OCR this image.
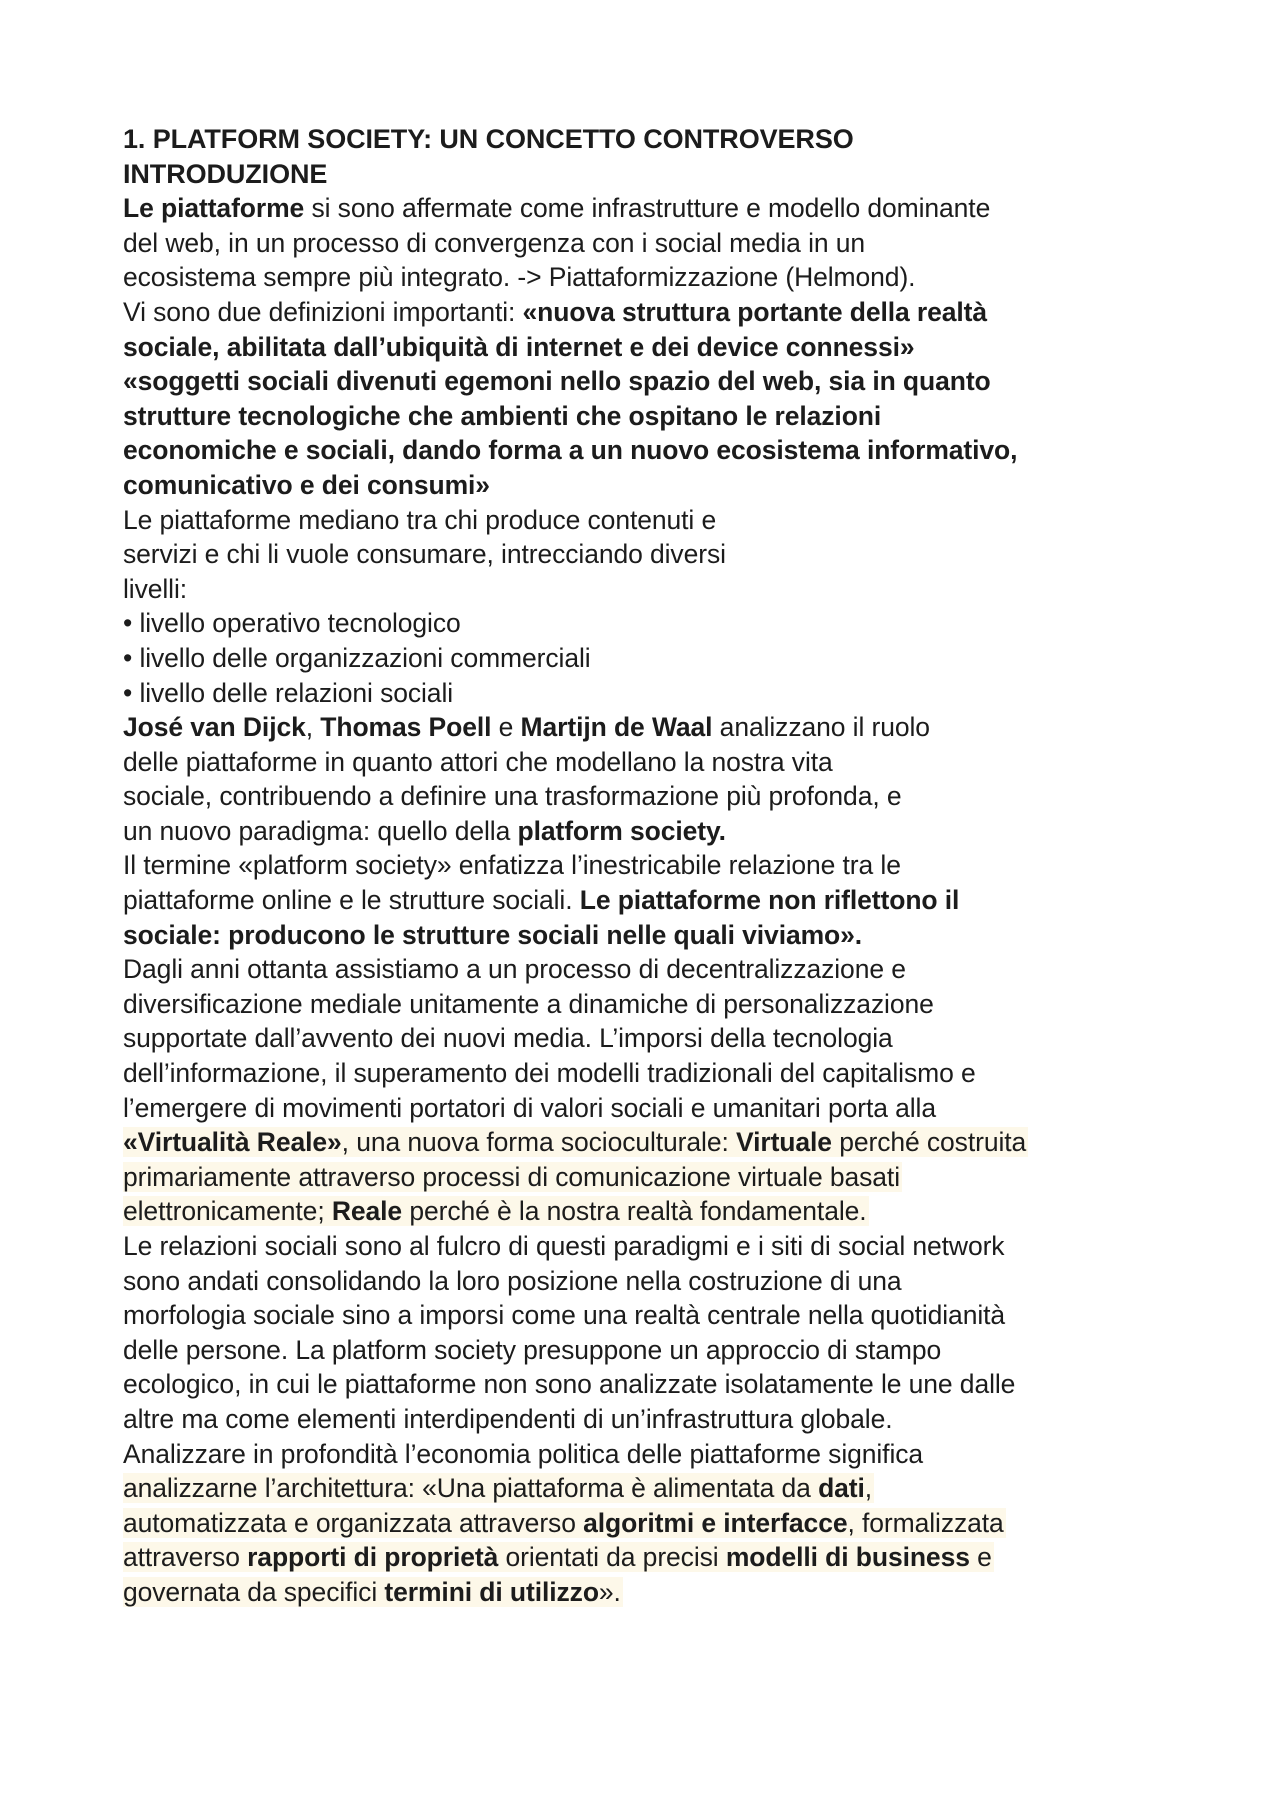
1. PLATFORM SOCIETY: UN CONCETTO CONTROVERSO
INTRODUZIONE
Le piattaforme si sono affermate come infrastrutture e modello dominante
del web, in un processo di convergenza con i social media in un
ecosistema sempre più integrato. -> Piattaformizzazione (Helmond).
Vi sono due definizioni importanti: «nuova struttura portante della realtà
sociale, abilitata dall’ubiquità di internet e dei device connessi»
«soggetti sociali divenuti egemoni nello spazio del web, sia in quanto
strutture tecnologiche che ambienti che ospitano le relazioni
economiche e sociali, dando forma a un nuovo ecosistema informativo,
comunicativo e dei consumi»
Le piattaforme mediano tra chi produce contenuti e
servizi e chi li vuole consumare, intrecciando diversi
livelli:
• livello operativo tecnologico
• livello delle organizzazioni commerciali
• livello delle relazioni sociali
José van Dijck, Thomas Poell e Martijn de Waal analizzano il ruolo
delle piattaforme in quanto attori che modellano la nostra vita
sociale, contribuendo a definire una trasformazione più profonda, e
un nuovo paradigma: quello della platform society.
Il termine «platform society» enfatizza l’inestricabile relazione tra le
piattaforme online e le strutture sociali. Le piattaforme non riflettono il
sociale: producono le strutture sociali nelle quali viviamo».
Dagli anni ottanta assistiamo a un processo di decentralizzazione e
diversificazione mediale unitamente a dinamiche di personalizzazione
supportate dall’avvento dei nuovi media. L’imporsi della tecnologia
dell’informazione, il superamento dei modelli tradizionali del capitalismo e
l’emergere di movimenti portatori di valori sociali e umanitari porta alla
«Virtualità Reale», una nuova forma socioculturale: Virtuale perché costruita
primariamente attraverso processi di comunicazione virtuale basati
elettronicamente; Reale perché è la nostra realtà fondamentale.
Le relazioni sociali sono al fulcro di questi paradigmi e i siti di social network
sono andati consolidando la loro posizione nella costruzione di una
morfologia sociale sino a imporsi come una realtà centrale nella quotidianità
delle persone. La platform society presuppone un approccio di stampo
ecologico, in cui le piattaforme non sono analizzate isolatamente le une dalle
altre ma come elementi interdipendenti di un’infrastruttura globale.
Analizzare in profondità l’economia politica delle piattaforme significa
analizzarne l’architettura: «Una piattaforma è alimentata da dati,
automatizzata e organizzata attraverso algoritmi e interfacce, formalizzata
attraverso rapporti di proprietà orientati da precisi modelli di business e
governata da specifici termini di utilizzo».
